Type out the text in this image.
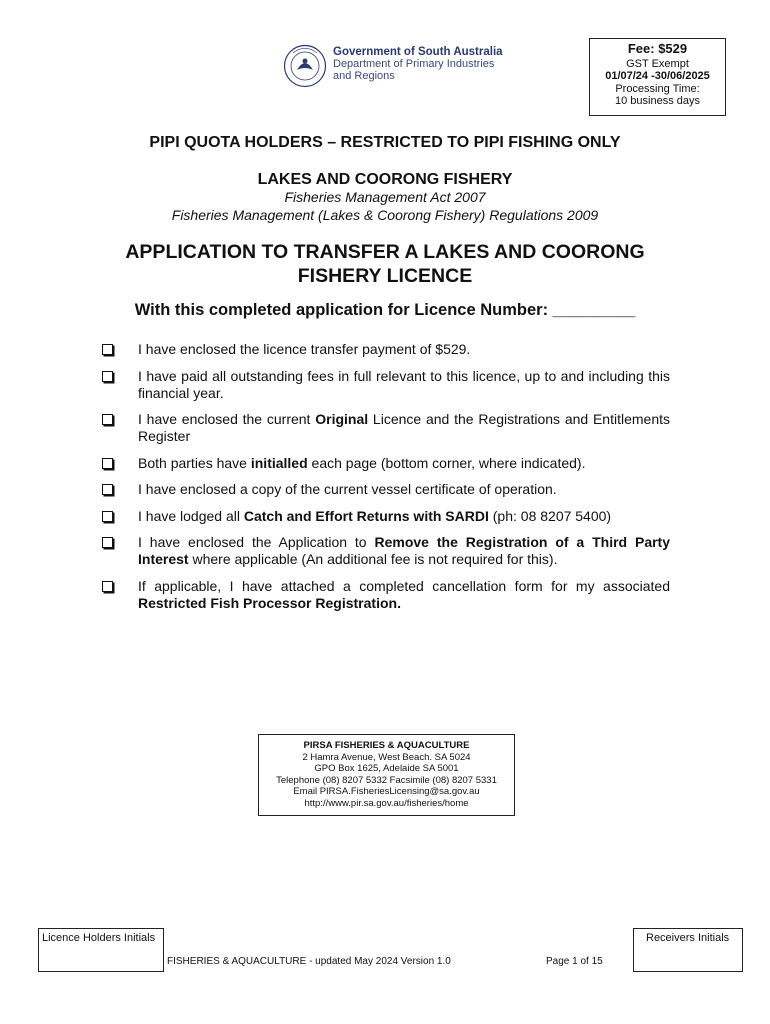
Government of South Australia
Department of Primary Industries
and Regions
Fee: $529
GST Exempt
01/07/24 -30/06/2025
Processing Time:
10 business days
PIPI QUOTA HOLDERS – RESTRICTED TO PIPI FISHING ONLY
LAKES AND COORONG FISHERY
Fisheries Management Act 2007
Fisheries Management (Lakes & Coorong Fishery) Regulations 2009
APPLICATION TO TRANSFER A LAKES AND COORONG
FISHERY LICENCE
With this completed application for Licence Number: _________
I have enclosed the licence transfer payment of $529.
I have paid all outstanding fees in full relevant to this licence, up to and including this financial year.
I have enclosed the current Original Licence and the Registrations and Entitlements Register
Both parties have initialled each page (bottom corner, where indicated).
I have enclosed a copy of the current vessel certificate of operation.
I have lodged all Catch and Effort Returns with SARDI (ph: 08 8207 5400)
I have enclosed the Application to Remove the Registration of a Third Party Interest where applicable (An additional fee is not required for this).
If applicable, I have attached a completed cancellation form for my associated Restricted Fish Processor Registration.
PIRSA FISHERIES & AQUACULTURE
2 Hamra Avenue, West Beach. SA 5024
GPO Box 1625, Adelaide SA 5001
Telephone (08) 8207 5332 Facsimile (08) 8207 5331
Email PIRSA.FisheriesLicensing@sa.gov.au
http://www.pir.sa.gov.au/fisheries/home
Licence Holders Initials	Receivers Initials
FISHERIES & AQUACULTURE - updated May 2024 Version 1.0	Page 1 of 15
